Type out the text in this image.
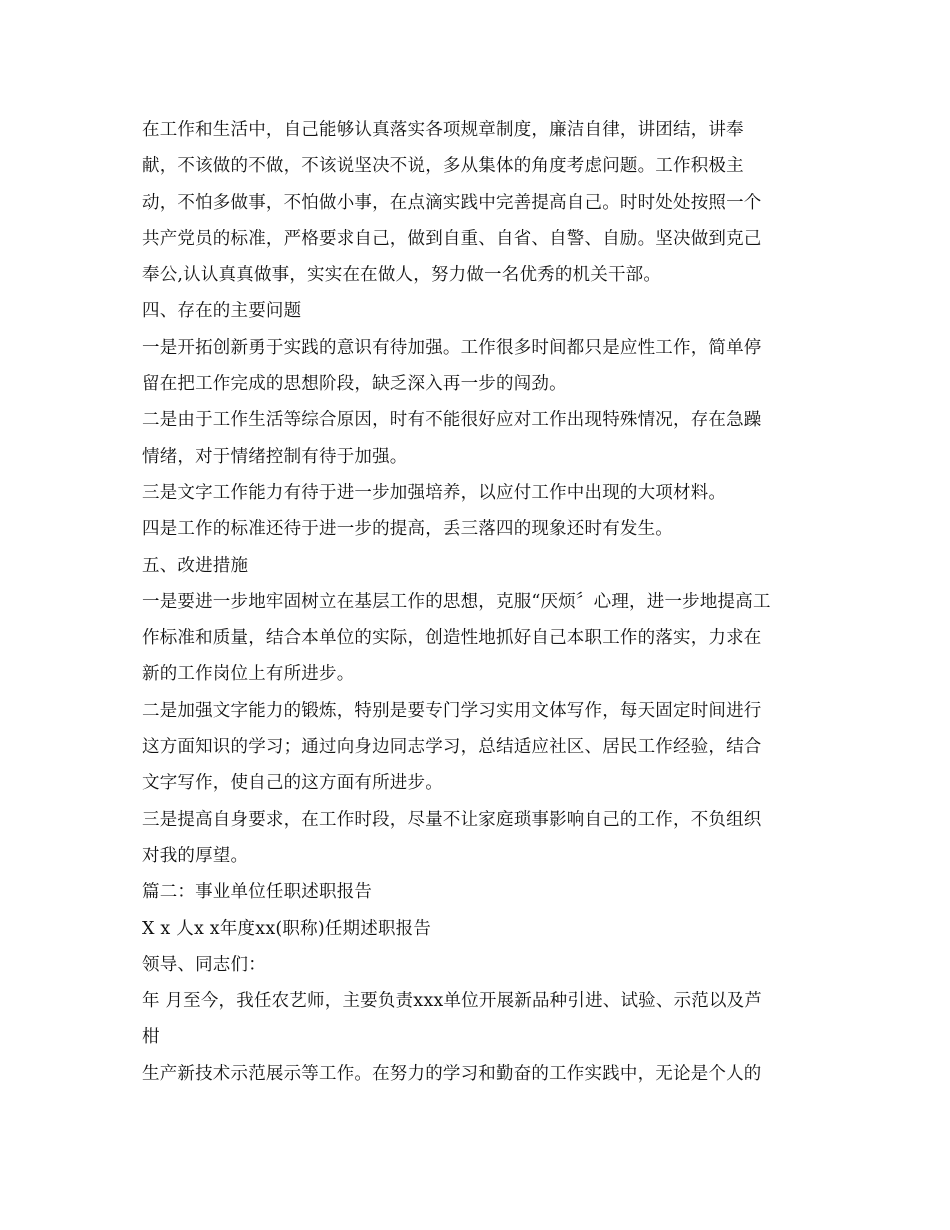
在工作和生活中，自己能够认真落实各项规章制度，廉洁自律，讲团结，讲奉
献，不该做的不做，不该说坚决不说，多从集体的角度考虑问题。工作积极主
动，不怕多做事，不怕做小事，在点滴实践中完善提高自己。时时处处按照一个
共产党员的标准，严格要求自己，做到自重、自省、自警、自励。坚决做到克己
奉公,认认真真做事，实实在在做人，努力做一名优秀的机关干部。
四、存在的主要问题
一是开拓创新勇于实践的意识有待加强。工作很多时间都只是应性工作，简单停
留在把工作完成的思想阶段，缺乏深入再一步的闯劲。
二是由于工作生活等综合原因，时有不能很好应对工作出现特殊情况，存在急躁
情绪，对于情绪控制有待于加强。
三是文字工作能力有待于进一步加强培养，以应付工作中出现的大项材料。
四是工作的标准还待于进一步的提高，丢三落四的现象还时有发生。
五、改进措施
一是要进一步地牢固树立在基层工作的思想，克服“厌烦〞心理，进一步地提高工
作标准和质量，结合本单位的实际，创造性地抓好自己本职工作的落实，力求在
新的工作岗位上有所进步。
二是加强文字能力的锻炼，特别是要专门学习实用文体写作，每天固定时间进行
这方面知识的学习；通过向身边同志学习，总结适应社区、居民工作经验，结合
文字写作，使自己的这方面有所进步。
三是提高自身要求，在工作时段，尽量不让家庭琐事影响自己的工作，不负组织
对我的厚望。
篇二：事业单位任职述职报告
X x 人x x年度xx(职称)任期述职报告
领导、同志们：
年 月至今，我任农艺师，主要负责xxx单位开展新品种引进、试验、示范以及芦
柑
生产新技术示范展示等工作。在努力的学习和勤奋的工作实践中，无论是个人的
